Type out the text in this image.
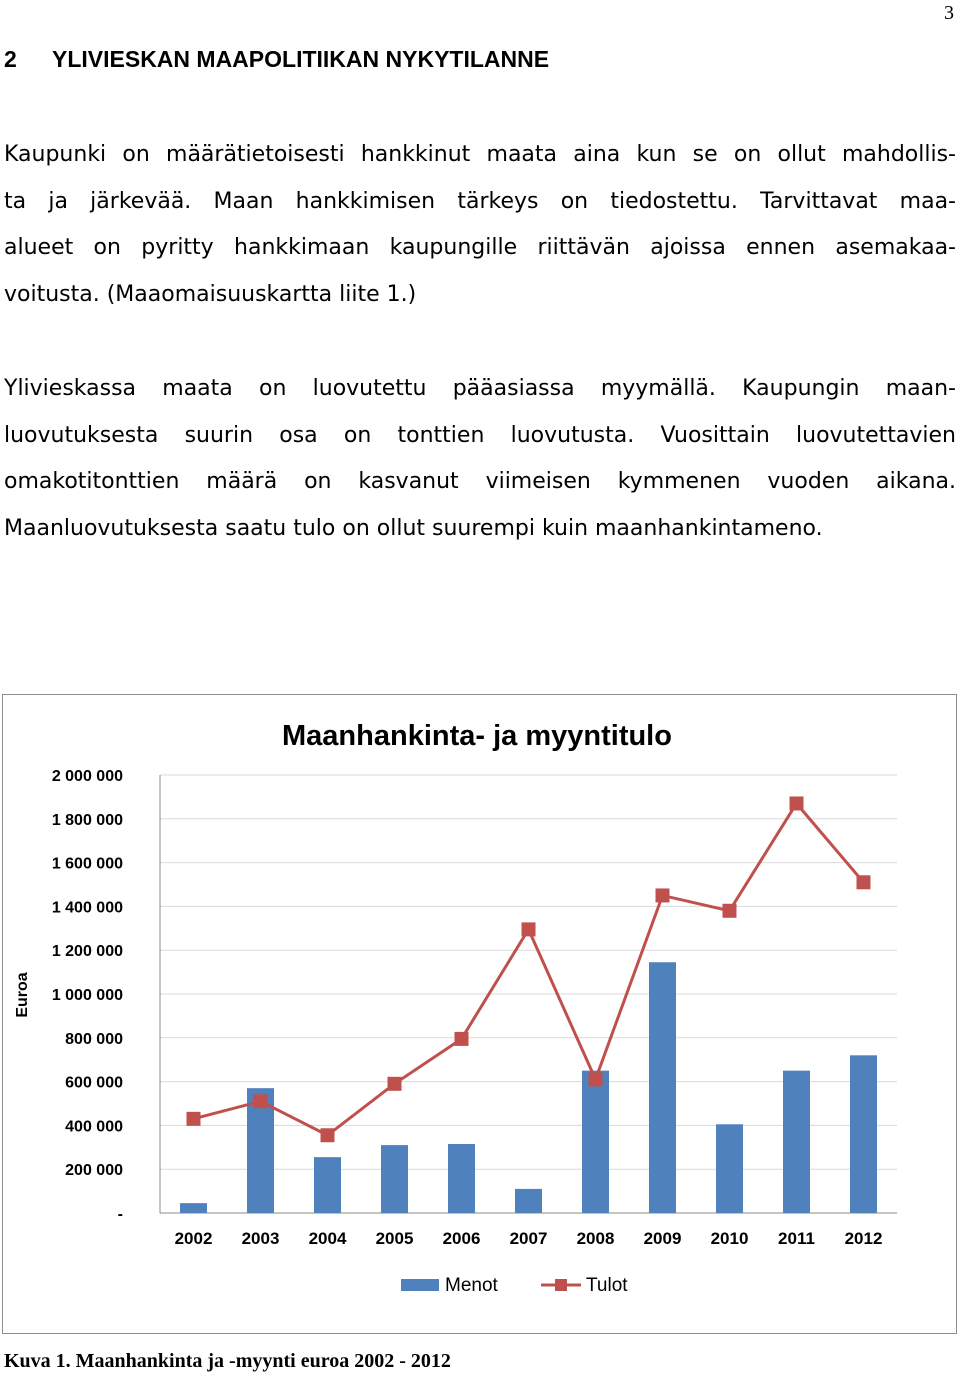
3
2 YLIVIESKAN MAAPOLITIIKAN NYKYTILANNE

Kaupunki on määrätietoisesti hankkinut maata aina kun se on ollut mahdollis-
ta ja järkevää. Maan hankkimisen tärkeys on tiedostettu. Tarvittavat maa-
alueet on pyritty hankkimaan kaupungille riittävän ajoissa ennen asemakaa-
voitusta. (Maaomaisuuskartta liite 1.)

Ylivieskassa maata on luovutettu pääasiassa myymällä. Kaupungin maan-
luovutuksesta suurin osa on tonttien luovutusta. Vuosittain luovutettavien
omakotitonttien määrä on kasvanut viimeisen kymmenen vuoden aikana.
Maanluovutuksesta saatu tulo on ollut suurempi kuin maanhankintameno.

Maanhankinta- ja myyntitulo
-
200 000
400 000
600 000
800 000
1 000 000
1 200 000
1 400 000
1 600 000
1 800 000
2 000 000
Euroa
2002 2003 2004 2005 2006 2007 2008 2009 2010 2011 2012
Menot	Tulot

Kuva 1. Maanhankinta ja -myynti euroa 2002 - 2012
